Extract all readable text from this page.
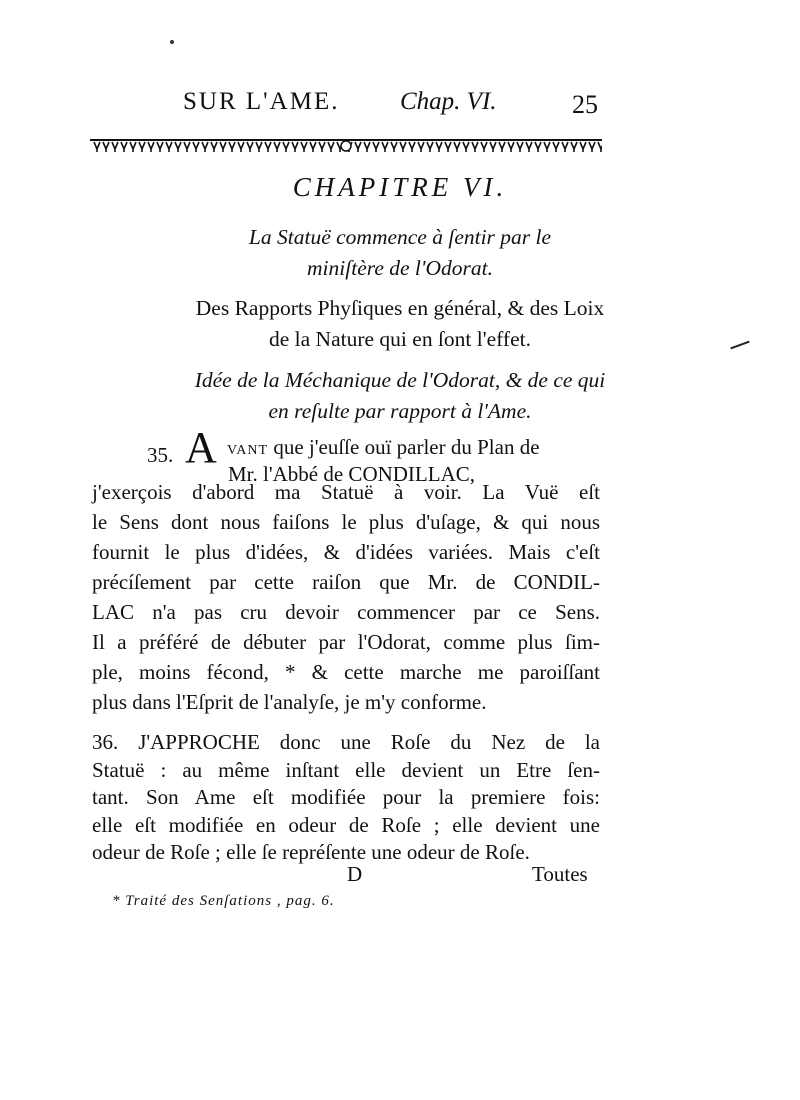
SUR L'AME. Chap. VI.	25
CHAPITRE VI.
La Statuë commence à ſentir par le
miniſtère de l'Odorat.
Des Rapports Phyſiques en général, & des Loix
de la Nature qui en ſont l'effet.
Idée de la Méchanique de l'Odorat, & de ce qui
en reſulte par rapport à l'Ame.
35. A VANT que j'euſſe ouï parler du Plan de
Mr. l'Abbé de CONDILLAC,
j'exerçois d'abord ma Statuë à voir. La Vuë eſt
le Sens dont nous faiſons le plus d'uſage, & qui nous
fournit le plus d'idées, & d'idées variées. Mais c'eſt
précíſement par cette raiſon que Mr. de CONDIL-
LAC n'a pas cru devoir commencer par ce Sens.
Il a préféré de débuter par l'Odorat, comme plus ſim-
ple, moins fécond, * & cette marche me paroiſſant
plus dans l'Eſprit de l'analyſe, je m'y conforme.
36. J'APPROCHE donc une Roſe du Nez de la
Statuë : au même inſtant elle devient un Etre ſen-
tant. Son Ame eſt modifiée pour la premiere fois:
elle eſt modifiée en odeur de Roſe ; elle devient une
odeur de Roſe ; elle ſe repréſente une odeur de Roſe.
D	Toutes
* Traité des Senſations , pag. 6.
